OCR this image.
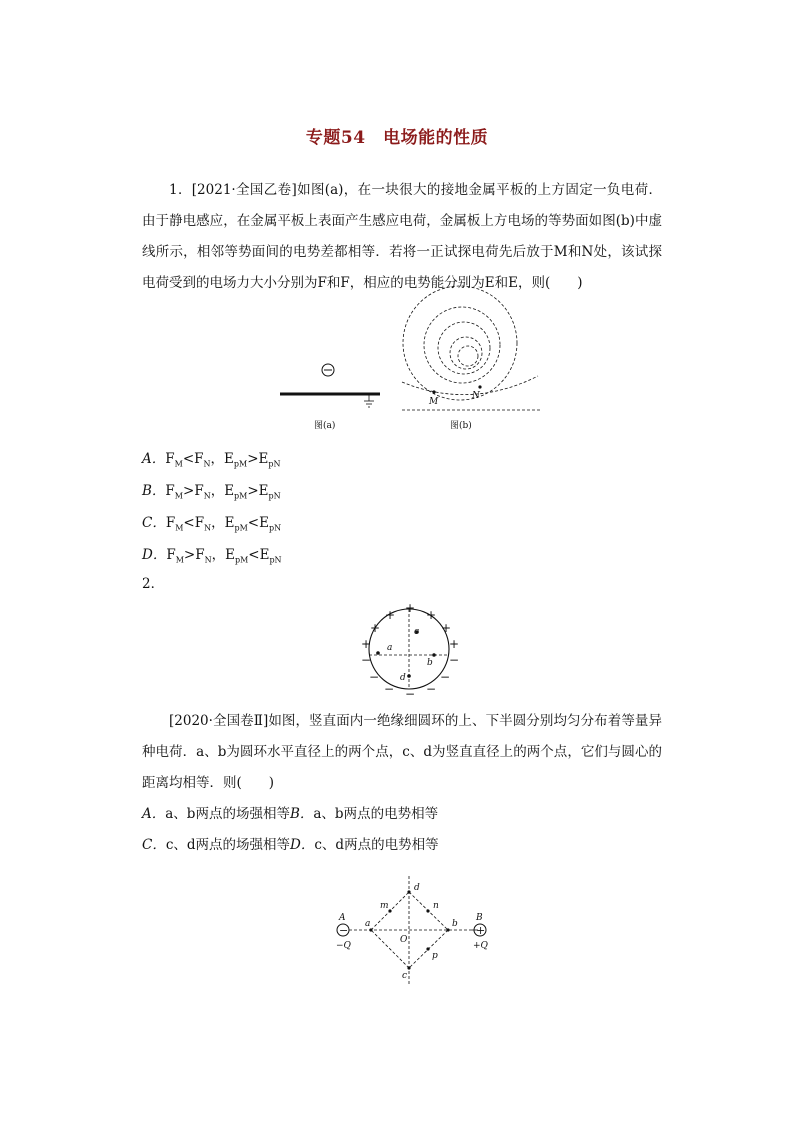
专题54　电场能的性质
1．[2021·全国乙卷]如图(a)，在一块很大的接地金属平板的上方固定一负电荷．由于静电感应，在金属平板上表面产生感应电荷，金属板上方电场的等势面如图(b)中虚线所示，相邻等势面间的电势差都相等．若将一正试探电荷先后放于M和N处，该试探电荷受到的电场力大小分别为F和F，相应的电势能分别为E和E，则(　　)
图(a)
M
N
图(b)
A．$F_M<F_N$，$E_{pM}>E_{pN}$
B．$F_M>F_N$，$E_{pM}>E_{pN}$
C．$F_M<F_N$，$E_{pM}<E_{pN}$
D．$F_M>F_N$，$E_{pM}<E_{pN}$
2．
c
a
b
d
+
+	+
+	+
+	+
−	−
−	−
−	−
−
[2020·全国卷Ⅱ]如图，竖直面内一绝缘细圆环的上、下半圆分别均匀分布着等量异种电荷．a、b为圆环水平直径上的两个点，c、d为竖直直径上的两个点，它们与圆心的距离均相等．则(　　)
A．a、b两点的场强相等B．a、b两点的电势相等
C．c、d两点的场强相等D．c、d两点的电势相等
−	+
A	B
−Q	+Q
a	b
c
d
O
m	n
p
